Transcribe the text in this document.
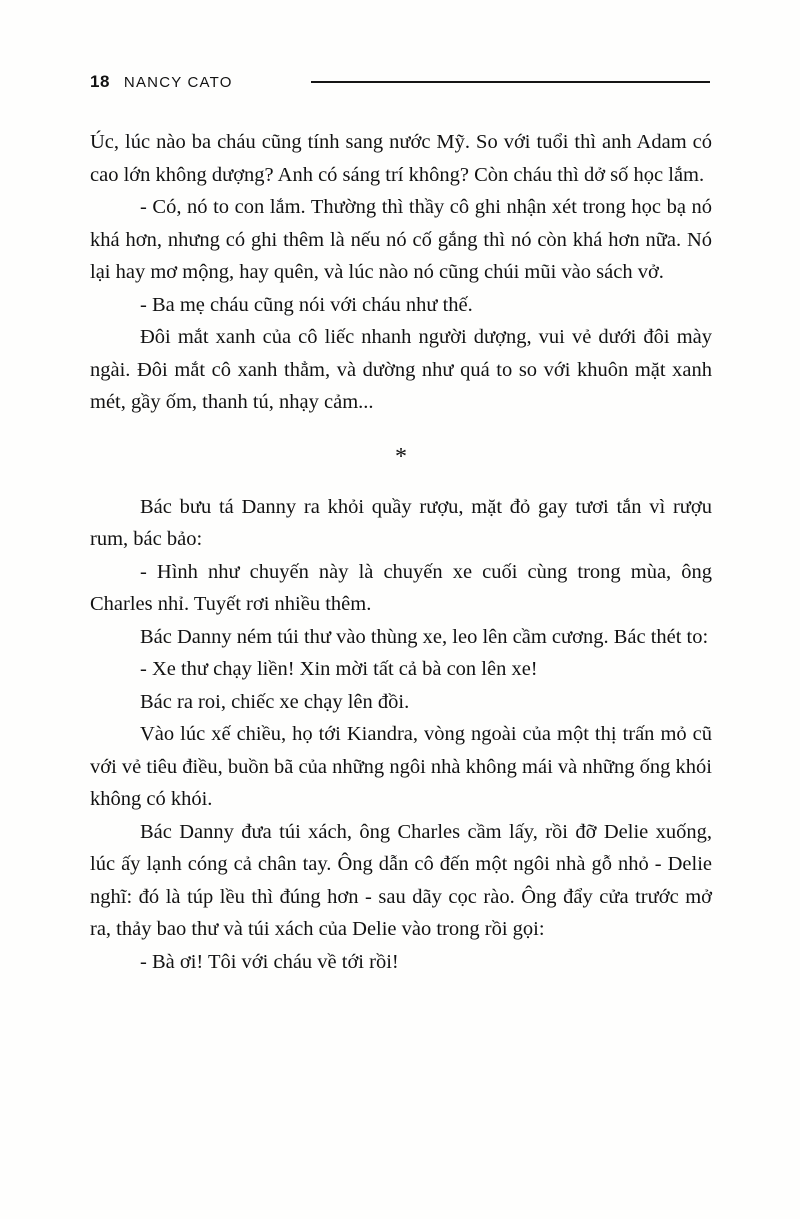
18 NANCY CATO

Úc, lúc nào ba cháu cũng tính sang nước Mỹ. So với tuổi thì anh Adam có cao lớn không dượng? Anh có sáng trí không? Còn cháu thì dở số học lắm.

- Có, nó to con lắm. Thường thì thầy cô ghi nhận xét trong học bạ nó khá hơn, nhưng có ghi thêm là nếu nó cố gắng thì nó còn khá hơn nữa. Nó lại hay mơ mộng, hay quên, và lúc nào nó cũng chúi mũi vào sách vở.

- Ba mẹ cháu cũng nói với cháu như thế.

Đôi mắt xanh của cô liếc nhanh người dượng, vui vẻ dưới đôi mày ngài. Đôi mắt cô xanh thẳm, và dường như quá to so với khuôn mặt xanh mét, gầy ốm, thanh tú, nhạy cảm...

*

Bác bưu tá Danny ra khỏi quầy rượu, mặt đỏ gay tươi tắn vì rượu rum, bác bảo:

- Hình như chuyến này là chuyến xe cuối cùng trong mùa, ông Charles nhỉ. Tuyết rơi nhiều thêm.

Bác Danny ném túi thư vào thùng xe, leo lên cầm cương. Bác thét to:

- Xe thư chạy liền! Xin mời tất cả bà con lên xe!

Bác ra roi, chiếc xe chạy lên đồi.

Vào lúc xế chiều, họ tới Kiandra, vòng ngoài của một thị trấn mỏ cũ với vẻ tiêu điều, buồn bã của những ngôi nhà không mái và những ống khói không có khói.

Bác Danny đưa túi xách, ông Charles cầm lấy, rồi đỡ Delie xuống, lúc ấy lạnh cóng cả chân tay. Ông dẫn cô đến một ngôi nhà gỗ nhỏ - Delie nghĩ: đó là túp lều thì đúng hơn - sau dãy cọc rào. Ông đẩy cửa trước mở ra, thảy bao thư và túi xách của Delie vào trong rồi gọi:

- Bà ơi! Tôi với cháu về tới rồi!
